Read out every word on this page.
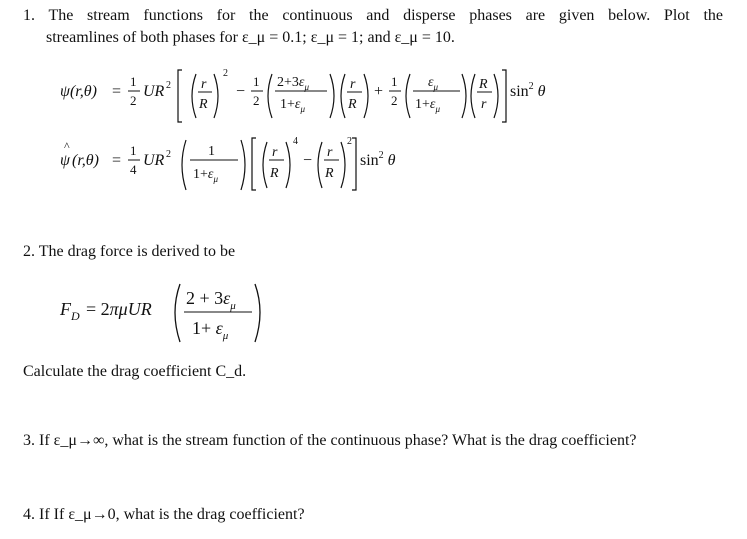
1. The stream functions for the continuous and disperse phases are given below. Plot the
streamlines of both phases for ε_μ = 0.1; ε_μ = 1; and ε_μ = 10.
ψ(r,θ) =
1
2
UR 2 r
R
2
−
1
2
$2+3\varepsilon_\mu$
$1+\varepsilon_\mu$
r
R
+
1
2
$\varepsilon_\mu$
$1+\varepsilon_\mu$
R
r
$\sin^2 \theta$
ψ
^
(r,θ) =
1
4
UR 2	1
$1+\varepsilon_\mu$
r
R
4
− r
R
2
$\sin^2 \theta$
2. The drag force is derived to be
$F_D = 2\pi\mu UR$
$2 + 3\varepsilon_\mu$
$1+ \varepsilon_\mu$
Calculate the drag coefficient C_d.
3. If ε_μ→∞, what is the stream function of the continuous phase? What is the drag coefficient?
4. If If ε_μ→0, what is the drag coefficient?
